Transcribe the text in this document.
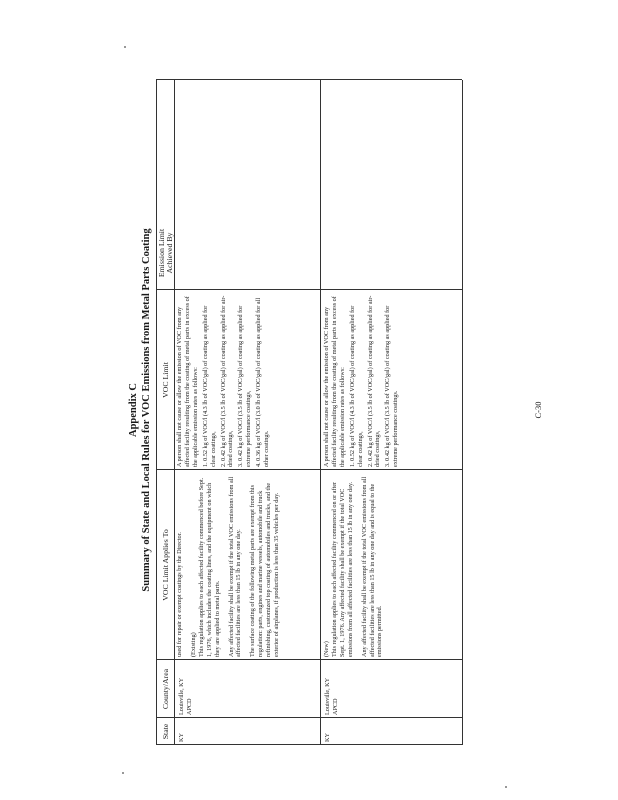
Appendix C Summary of State and Local Rules for VOC Emissions from Metal Parts Coating
State
County/Area
VOC Limit Applies To
VOC Limit
Emission Limit Achieved By
KY
Louisville, KY APCD

used for repair or exempt coatings by the Director. (Existing) This regulation applies to each affected facility commenced before Sept. 1, 1976, which includes the coating lines, and the equipment on which they are applied to metal parts. Any affected facility shall be exempt if the total VOC emissions from all affected facilities are less than 15 lb in any one day. The surface coating of the following metal parts are exempt from this regulation: parts, engines and marine vessels, automobile and truck refinishing, customized top coating of automobiles and trucks, and the exterior of airplanes, if production is less than 35 vehicles per day.

A person shall not cause or allow the emission of VOC from any affected facility resulting from the coating of metal parts in excess of the applicable emission rates as follows: 1. 0.52 kg of VOC/l (4.3 lb of VOC/gal) of coating as applied for clear coatings, 2. 0.42 kg of VOC/l (3.5 lb of VOC/gal) of coating as applied for air-dried coatings, 3. 0.42 kg of VOC/l (3.5 lb of VOC/gal) of coating as applied for extreme performance coatings, 4. 0.36 kg of VOC/l (3.0 lb of VOC/gal) of coating as applied for all other coatings.

KY
Louisville, KY APCD

(New) This regulation applies to each affected facility commenced on or after Sept. 1, 1976. Any affected facility shall be exempt if the total VOC emissions from all affected facilities are less than 15 lb in any one day. Any affected facility shall be exempt if the total VOC emissions from all affected facilities are less than 15 lb in any one day and is equal to the emissions permitted.

A person shall not cause or allow the emission of VOC from any affected facility resulting from the coating of metal parts in excess of the applicable emission rates as follows: 1. 0.52 kg of VOC/l (4.3 lb of VOC/gal) of coating as applied for clear coatings, 2. 0.42 kg of VOC/l (3.5 lb of VOC/gal) of coating as applied for air-dried coatings, 3. 0.42 kg of VOC/l (3.5 lb of VOC/gal) of coating as applied for extreme performance coatings.	C-30
